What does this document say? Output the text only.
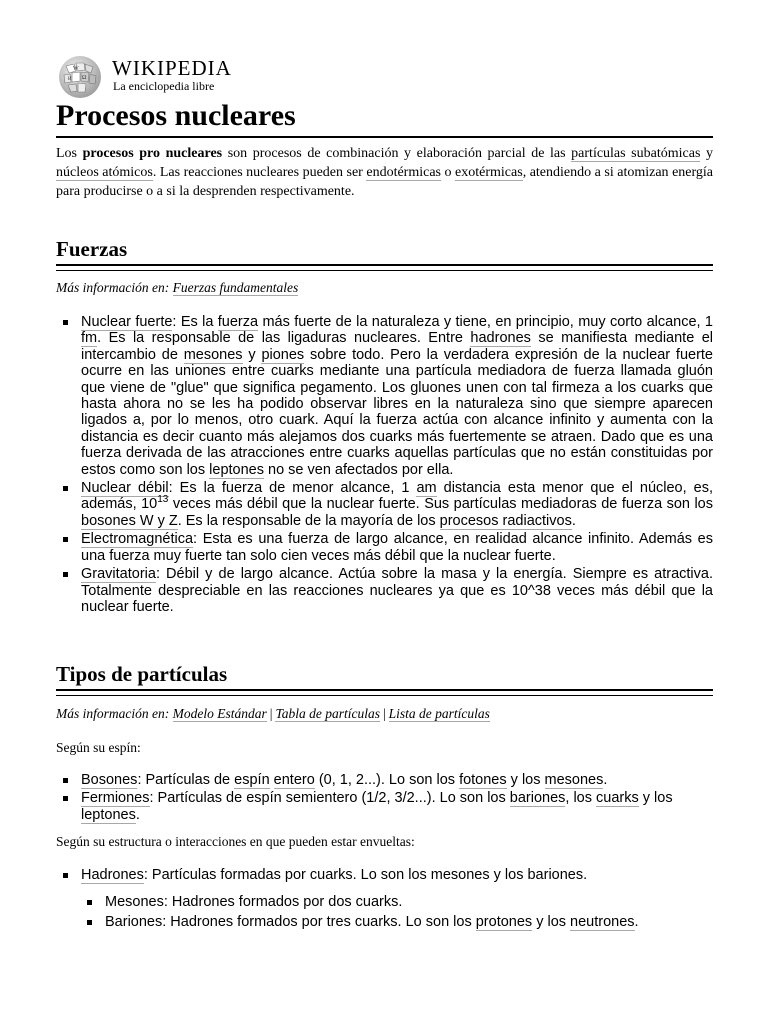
W
Ω
И WIKIPEDIA
La enciclopedia libre
Procesos nucleares

Los procesos pro nucleares son procesos de combinación y elaboración parcial de las partículas subatómicas y núcleos atómicos. Las reacciones nucleares pueden ser endotérmicas o exotérmicas, atendiendo a si atomizan energía para producirse o a si la desprenden respectivamente.

Fuerzas

Más información en: Fuerzas fundamentales

Nuclear fuerte: Es la fuerza más fuerte de la naturaleza y tiene, en principio, muy corto alcance, 1 fm. Es la responsable de las ligaduras nucleares. Entre hadrones se manifiesta mediante el intercambio de mesones y piones sobre todo. Pero la verdadera expresión de la nuclear fuerte ocurre en las uniones entre cuarks mediante una partícula mediadora de fuerza llamada gluón que viene de "glue" que significa pegamento. Los gluones unen con tal firmeza a los cuarks que hasta ahora no se les ha podido observar libres en la naturaleza sino que siempre aparecen ligados a, por lo menos, otro cuark. Aquí la fuerza actúa con alcance infinito y aumenta con la distancia es decir cuanto más alejamos dos cuarks más fuertemente se atraen. Dado que es una fuerza derivada de las atracciones entre cuarks aquellas partículas que no están constituidas por estos como son los leptones no se ven afectados por ella.
Nuclear débil: Es la fuerza de menor alcance, 1 am distancia esta menor que el núcleo, es, además, $10^{13}$ veces más débil que la nuclear fuerte. Sus partículas mediadoras de fuerza son los bosones W y Z. Es la responsable de la mayoría de los procesos radiactivos.
Electromagnética: Esta es una fuerza de largo alcance, en realidad alcance infinito. Además es una fuerza muy fuerte tan solo cien veces más débil que la nuclear fuerte.
Gravitatoria: Débil y de largo alcance. Actúa sobre la masa y la energía. Siempre es atractiva. Totalmente despreciable en las reacciones nucleares ya que es 10^38 veces más débil que la nuclear fuerte.
Tipos de partículas

Más información en: Modelo Estándar | Tabla de partículas | Lista de partículas

Según su espín:

Bosones: Partículas de espín entero (0, 1, 2...). Lo son los fotones y los mesones.
Fermiones: Partículas de espín semientero (1/2, 3/2...). Lo son los bariones, los cuarks y los leptones.

Según su estructura o interacciones en que pueden estar envueltas:

Hadrones: Partículas formadas por cuarks. Lo son los mesones y los bariones.
Mesones: Hadrones formados por dos cuarks.
Bariones: Hadrones formados por tres cuarks. Lo son los protones y los neutrones.
